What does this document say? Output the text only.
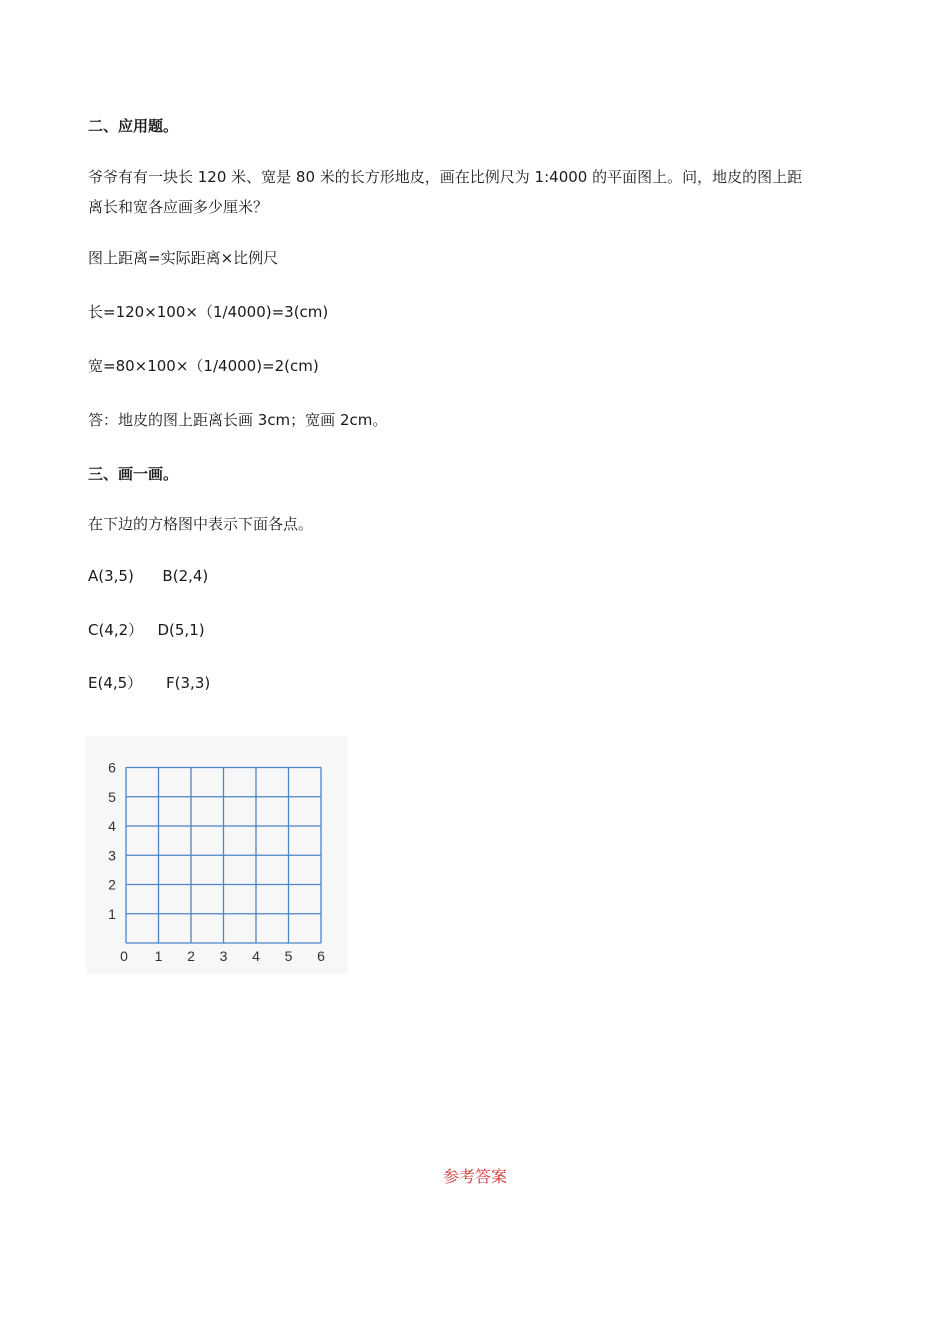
二、应用题。
爷爷有有一块长 120 米、宽是 80 米的长方形地皮，画在比例尺为 1:4000 的平面图上。问，地皮的图上距
离长和宽各应画多少厘米？
图上距离=实际距离×比例尺
长=120×100×（1/4000)=3(cm)
宽=80×100×（1/4000)=2(cm)
答：地皮的图上距离长画 3cm；宽画 2cm。
三、画一画。
在下边的方格图中表示下面各点。
A(3,5)      B(2,4)
C(4,2）   D(5,1)
E(4,5）     F(3,3)
0 1 2 3 4 5 6
1
2
3
4
5
6
参考答案
